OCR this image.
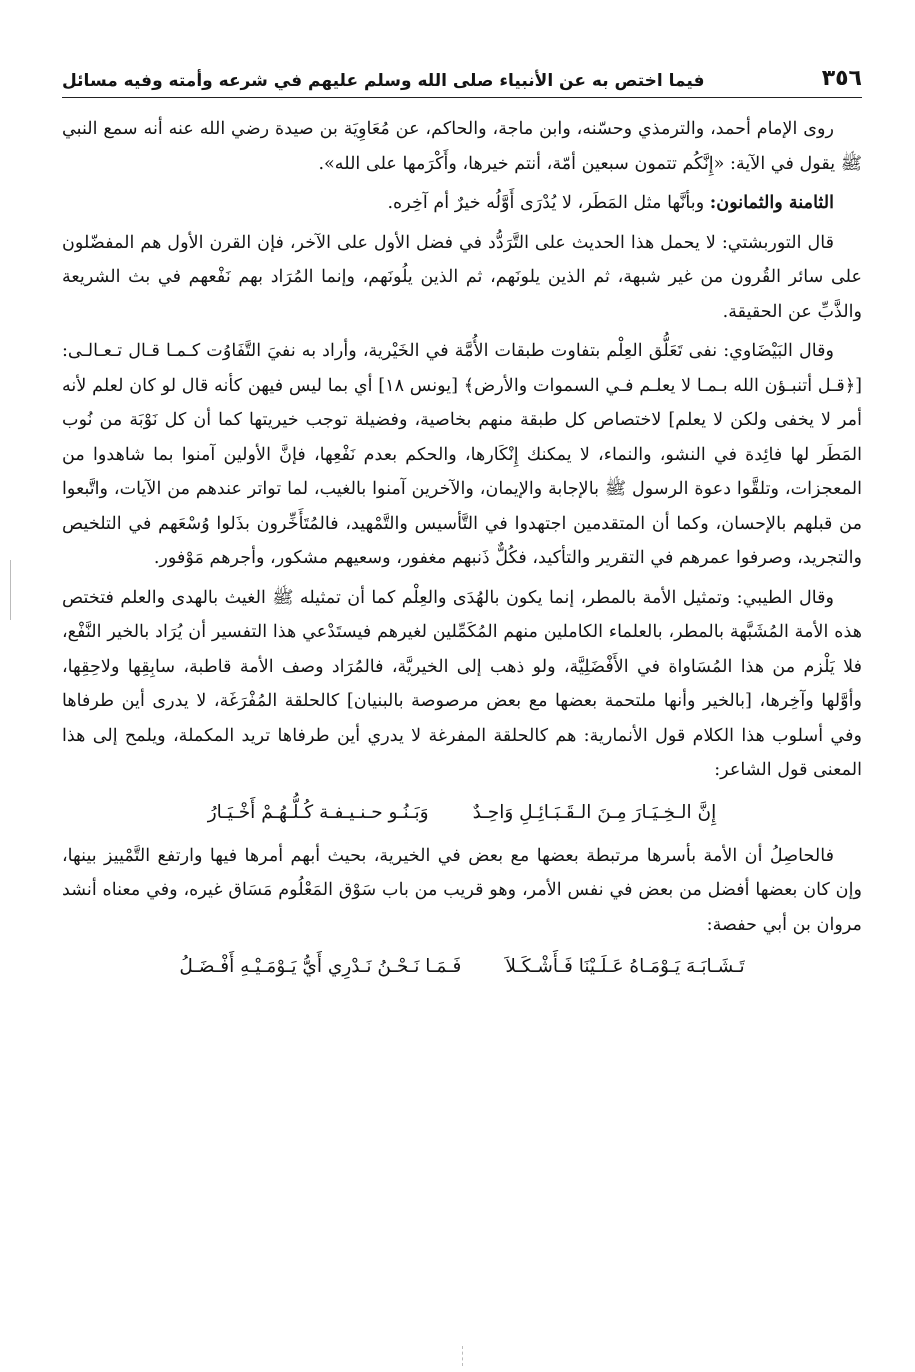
٣٥٦
فيما اختص به عن الأنبياء صلى الله وسلم عليهم في شرعه وأمته وفيه مسائل

روى الإمام أحمد، والترمذي وحسّنه، وابن ماجة، والحاكم، عن مُعَاوِيَة بن صيدة رضي الله عنه أنه سمع النبي ﷺ يقول في الآية: «إِنَّكُم تتمون سبعين أمّة، أنتم خيرها، وأَكْرَمها على الله».

الثامنة والثمانون: وبأنَّها مثل المَطَر، لا يُدْرَى أَوَّلُه خيرٌ أم آخِره.

قال التوربشتي: لا يحمل هذا الحديث على التَّرَدُّد في فضل الأول على الآخر، فإن القرن الأول هم المفضّلون على سائر القُرون من غير شبهة، ثم الذين يلونَهم، ثم الذين يلُونَهم، وإنما المُرَاد بهم نَفْعهم في بث الشريعة والذَّبِّ عن الحقيقة.

وقال البَيْضَاوي: نفى تَعَلُّق العِلْم بتفاوت طبقات الأُمَّة في الخَيْرية، وأراد به نفيَ التَّفَاوُت كـمـا قـال تـعـالـى: [﴿قـل أتنبـؤن الله بـمـا لا يعلـم فـي السموات والأرض﴾ [يونس ١٨] أي بما ليس فيهن كأنه قال لو كان لعلم لأنه أمر لا يخفى ولكن لا يعلم] لاختصاص كل طبقة منهم بخاصية، وفضيلة توجب خيريتها كما أن كل نَوْبَة من نُوب المَطَر لها فائِدة في النشو، والنماء، لا يمكنك إِنْكَارها، والحكم بعدم نَفْعِها، فإنَّ الأولين آمنوا بما شاهدوا من المعجزات، وتلقَّوا دعوة الرسول ﷺ بالإجابة والإيمان، والآخرين آمنوا بالغيب، لما تواتر عندهم من الآيات، واتَّبعوا من قبلهم بالإحسان، وكما أن المتقدمين اجتهدوا في التَّأسيس والتَّمْهيد، فالمُتَأَخِّرون بذَلوا وُسْعَهم في التلخيص والتجريد، وصرفوا عمرهم في التقرير والتأكيد، فكُلٌّ ذَنبهم مغفور، وسعيهم مشكور، وأجرهم مَوْفور.

وقال الطيبي: وتمثيل الأمة بالمطر، إنما يكون بالهُدَى والعِلْم كما أن تمثيله ﷺ الغيث بالهدى والعلم فتختص هذه الأمة المُشَبَّهة بالمطر، بالعلماء الكاملين منهم المُكَمِّلين لغيرهم فيستَدْعي هذا التفسير أن يُرَاد بالخير النَّفْع، فلا يَلْزم من هذا المُسَاواة في الأَفْضَلِيَّة، ولو ذهب إلى الخيريَّة، فالمُرَاد وصف الأمة قاطبة، سابِقِها ولاحِقِها، وأوَّلها وآخِرها، [بالخير وأنها ملتحمة بعضها مع بعض مرصوصة بالبنيان] كالحلقة المُفْرَغَة، لا يدرى أين طرفاها وفي أسلوب هذا الكلام قول الأنمارية: هم كالحلقة المفرغة لا يدري أين طرفاها تريد المكملة، ويلمح إلى هذا المعنى قول الشاعر:

إِنَّ الـخِـيَـارَ مِـنَ الـقَـبَـائِـلِ وَاحِـدٌ
وَبَـنُـو حـنـيـفـة كُـلُّـهُـمْ أَخْـيَـارُ

فالحاصِلُ أن الأمة بأسرها مرتبطة بعضها مع بعض في الخيرية، بحيث أبهم أمرها فيها وارتفع التَّمْييز بينها، وإن كان بعضها أفضل من بعض في نفس الأمر، وهو قريب من باب سَوْق المَعْلُوم مَسَاق غيره، وفي معناه أنشد مروان بن أبي حفصة:

تَـشَـابَـهَ يَـوْمَـاهُ عَـلَـيْنَا فَـأَشْـكَـلاَ
فَـمَـا نَـحْـنُ نَـدْرِي أَيُّ يَـوْمَـيْـهِ أَفْـضَـلُ
